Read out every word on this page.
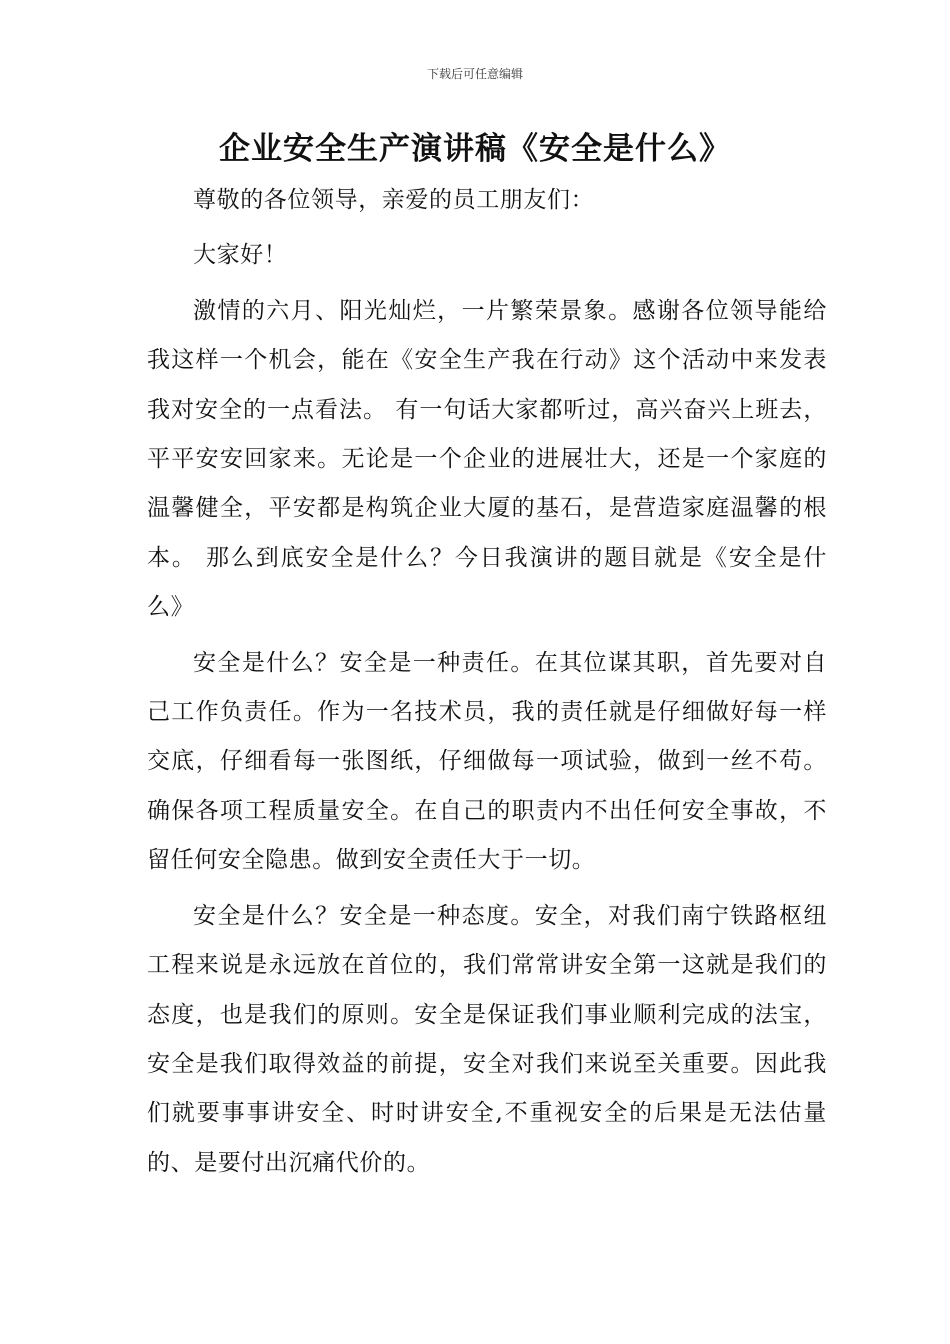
下载后可任意编辑
企业安全生产演讲稿《安全是什么》

尊敬的各位领导，亲爱的员工朋友们：

大家好！

激情的六月、阳光灿烂，一片繁荣景象。感谢各位领导能给我这样一个机会，能在《安全生产我在行动》这个活动中来发表我对安全的一点看法。 有一句话大家都听过，高兴奋兴上班去，平平安安回家来。无论是一个企业的进展壮大，还是一个家庭的温馨健全，平安都是构筑企业大厦的基石，是营造家庭温馨的根本。 那么到底安全是什么？今日我演讲的题目就是《安全是什么》

安全是什么？安全是一种责任。在其位谋其职，首先要对自己工作负责任。作为一名技术员，我的责任就是仔细做好每一样交底，仔细看每一张图纸，仔细做每一项试验，做到一丝不苟。确保各项工程质量安全。在自己的职责内不出任何安全事故，不留任何安全隐患。做到安全责任大于一切。

安全是什么？安全是一种态度。安全，对我们南宁铁路枢纽工程来说是永远放在首位的，我们常常讲安全第一这就是我们的态度，也是我们的原则。安全是保证我们事业顺利完成的法宝，安全是我们取得效益的前提，安全对我们来说至关重要。因此我们就要事事讲安全、时时讲安全,不重视安全的后果是无法估量的、是要付出沉痛代价的。
